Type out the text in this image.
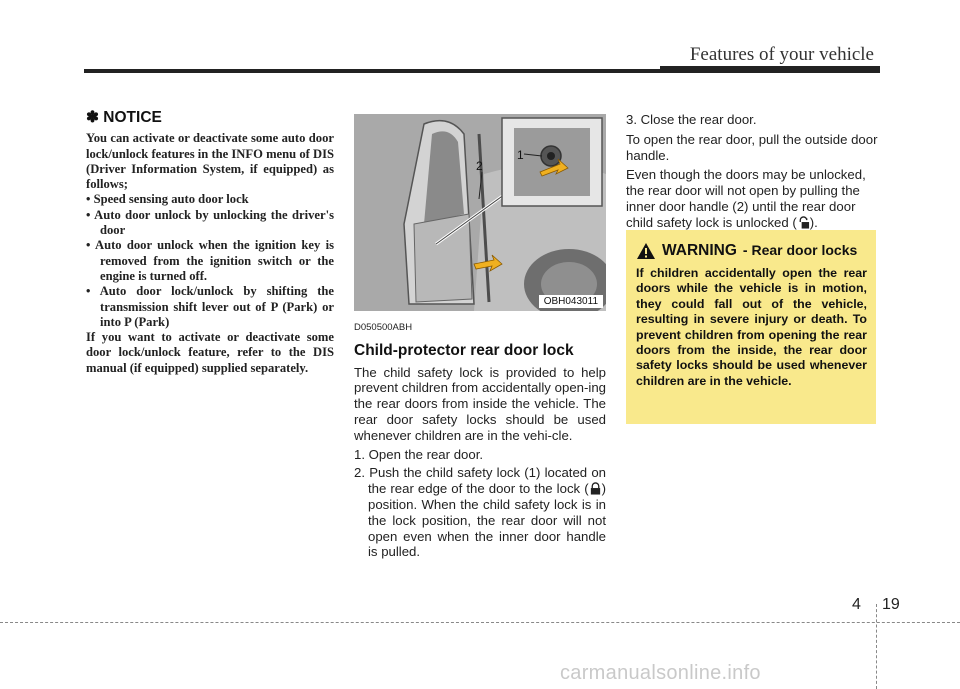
Features of your vehicle
✽ NOTICE

You can activate or deactivate some auto door lock/unlock features in the INFO menu of DIS (Driver Information System, if equipped) as follows;

• Speed sensing auto door lock
• Auto door unlock by unlocking the driver's door
• Auto door unlock when the ignition key is removed from the ignition switch or the engine is turned off.
• Auto door lock/unlock by shifting the transmission shift lever out of P (Park) or into P (Park)

If you want to activate or deactivate some door lock/unlock feature, refer to the DIS manual (if equipped) supplied separately.

1
2
OBH043011
D050500ABH
Child-protector rear door lock

The child safety lock is provided to help prevent children from accidentally open-ing the rear doors from inside the vehicle. The rear door safety locks should be used whenever children are in the vehi-cle.

1. Open the rear door.
2. Push the child safety lock (1) located on the rear edge of the door to the lock ( ) position. When the child safety lock is in the lock position, the rear door will not open even when the inner door handle is pulled.

3. Close the rear door.

To open the rear door, pull the outside door handle.

Even though the doors may be unlocked, the rear door will not open by pulling the inner door handle (2) until the rear door child safety lock is unlocked ( ).

WARNING - Rear door locks
If children accidentally open the rear doors while the vehicle is in motion, they could fall out of the vehicle, resulting in severe injury or death. To prevent children from opening the rear doors from the inside, the rear door safety locks should be used whenever children are in the vehicle.
4 19
carmanualsonline.info
